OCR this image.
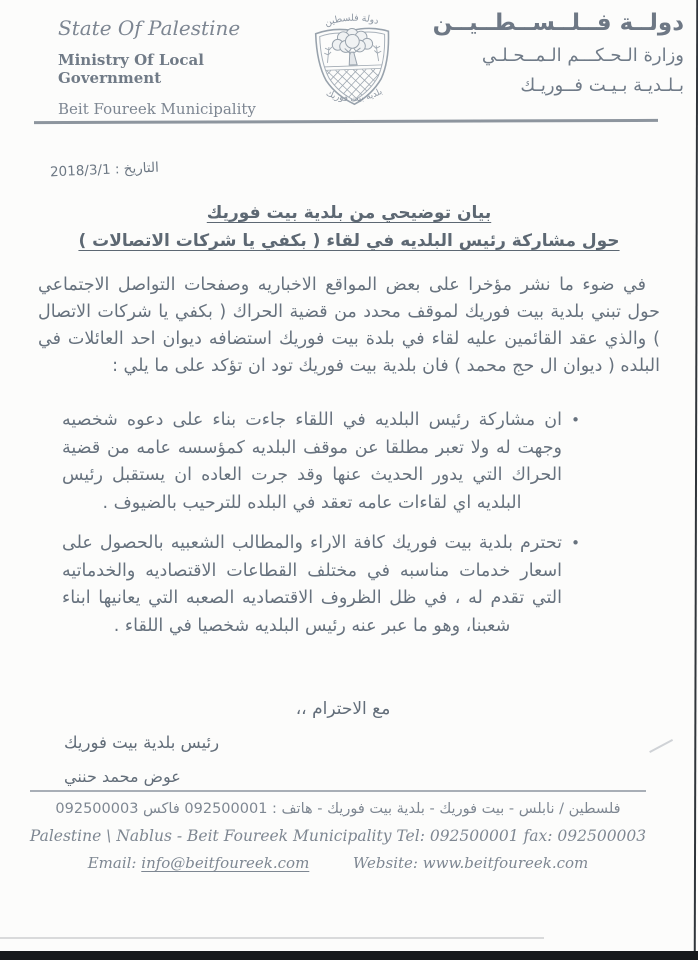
State Of Palestine
Ministry Of Local Government
Beit Foureek Municipality
دولة فلسطين
بلدية بيت فوريك
دولــة فــلــســطــيــن
وزارة الـحـكـــم الـمــحـلـي
بـلـديـة بـيـت فــوريـك
التاريخ : 2018/3/1
بيان توضيحي من بلدية بيت فوريك
حول مشاركة رئيس البلديه في لقاء ( بكفي يا شركات الاتصالات )

في ضوء ما نشر مؤخرا على بعض المواقع الاخباريه وصفحات التواصل الاجتماعي حول تبني بلدية بيت فوريك لموقف محدد من قضية الحراك ( بكفي يا شركات الاتصال ) والذي عقد القائمين عليه لقاء في بلدة بيت فوريك استضافه ديوان احد العائلات في البلده ( ديوان ال حج محمد ) فان بلدية بيت فوريك تود ان تؤكد على ما يلي :

•
ان مشاركة رئيس البلديه في اللقاء جاءت بناء على دعوه شخصيه وجهت له ولا تعبر مطلقا عن موقف البلديه كمؤسسه عامه من قضية الحراك التي يدور الحديث عنها وقد جرت العاده ان يستقبل رئيس البلديه اي لقاءات عامه تعقد في البلده للترحيب بالضيوف .
•
تحترم بلدية بيت فوريك كافة الاراء والمطالب الشعبيه بالحصول على اسعار خدمات مناسبه في مختلف القطاعات الاقتصاديه والخدماتيه التي تقدم له ، في ظل الظروف الاقتصاديه الصعبه التي يعانيها ابناء شعبنا، وهو ما عبر عنه رئيس البلديه شخصيا في اللقاء .
مع الاحترام ،،
رئيس بلدية بيت فوريك
عوض محمد حنني
فلسطين / نابلس - بيت فوريك - بلدية بيت فوريك - هاتف : 092500001 فاكس 092500003
Palestine \ Nablus - Beit Foureek Municipality Tel: 092500001 fax: 092500003
Email: info@beitfoureek.com	Website: www.beitfoureek.com
